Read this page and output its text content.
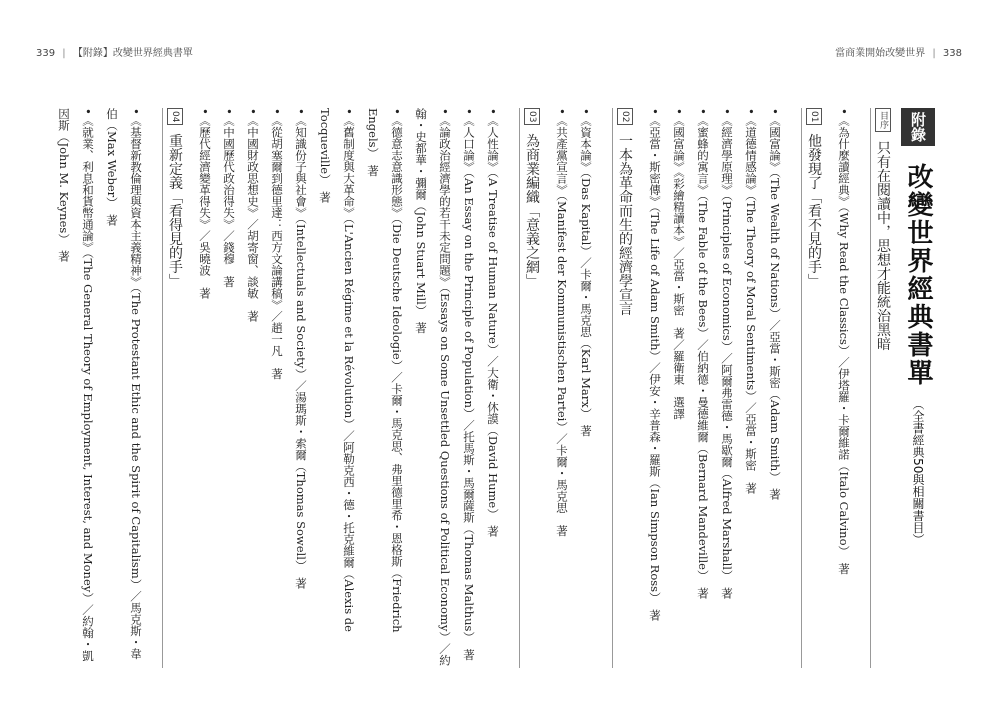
339 | 【附錄】改變世界經典書單	當商業開始改變世界 | 338
附錄 改變世界經典書單 （全書經典50與相關書目）
目序 只有在閱讀中，思想才能統治黑暗
•《為什麼讀經典》（Why Read the Classics）／伊塔羅・卡爾維諾（Italo Calvino）　著
01 他發現了「看不見的手」
•《國富論》（The Wealth of Nations）／亞當・斯密（Adam Smith）　著
•《道德情感論》（The Theory of Moral Sentiments）／亞當・斯密　著
•《經濟學原理》（Principles of Economics）／阿爾弗雷德・馬歇爾（Alfred Marshall）　著
•《蜜蜂的寓言》（The Fable of the Bees）／伯納德・曼德維爾（Bernard Mandeville）　著
•《國富論》《彩繪精讀本》／亞當・斯密　著／羅衛東　選譯
•《亞當・斯密傳》（The Life of Adam Smith）／伊安・辛普森・羅斯（Ian Simpson Ross）　著
02 一本為革命而生的經濟學宣言
•《資本論》（Das Kapital）／卡爾・馬克思（Karl Marx）　著
•《共產黨宣言》（Manifest der Kommunistischen Partei）／卡爾・馬克思　著
03 為商業編織「意義之網」
•《人性論》（A Treatise of Human Nature）／大衛・休謨（David Hume）　著
•《人口論》（An Essay on the Principle of Population）／托馬斯・馬爾薩斯（Thomas Malthus）　著
•《論政治經濟學的若干未定問題》（Essays on Some Unsettled Questions of Political Economy）／約翰・史都華・彌爾（John Stuart Mill）　著
•《德意志意識形態》（Die Deutsche Ideologie）／卡爾・馬克思、弗里德里希・恩格斯（Friedrich Engels）　著
•《舊制度與大革命》（L'Ancien Régime et la Révolution）／阿勒克西・德・托克維爾（Alexis de Tocqueville）　著
•《知識份子與社會》（Intellectuals and Society）／湯瑪斯・索爾（Thomas Sowell）　著
•《從胡塞爾到德里達：西方文論講稿》／趙一凡　著
•《中國財政思想史》／胡寄窗、談敏　著
•《中國歷代政治得失》／錢穆　著
•《歷代經濟變革得失》／吳曉波　著
04 重新定義「看得見的手」
•《基督新教倫理與資本主義精神》（The Protestant Ethic and the Spirit of Capitalism）／馬克斯・韋伯（Max Weber）　著
•《就業、利息和貨幣通論》（The General Theory of Employment, Interest, and Money）／約翰・凱因斯（John M. Keynes）　著
